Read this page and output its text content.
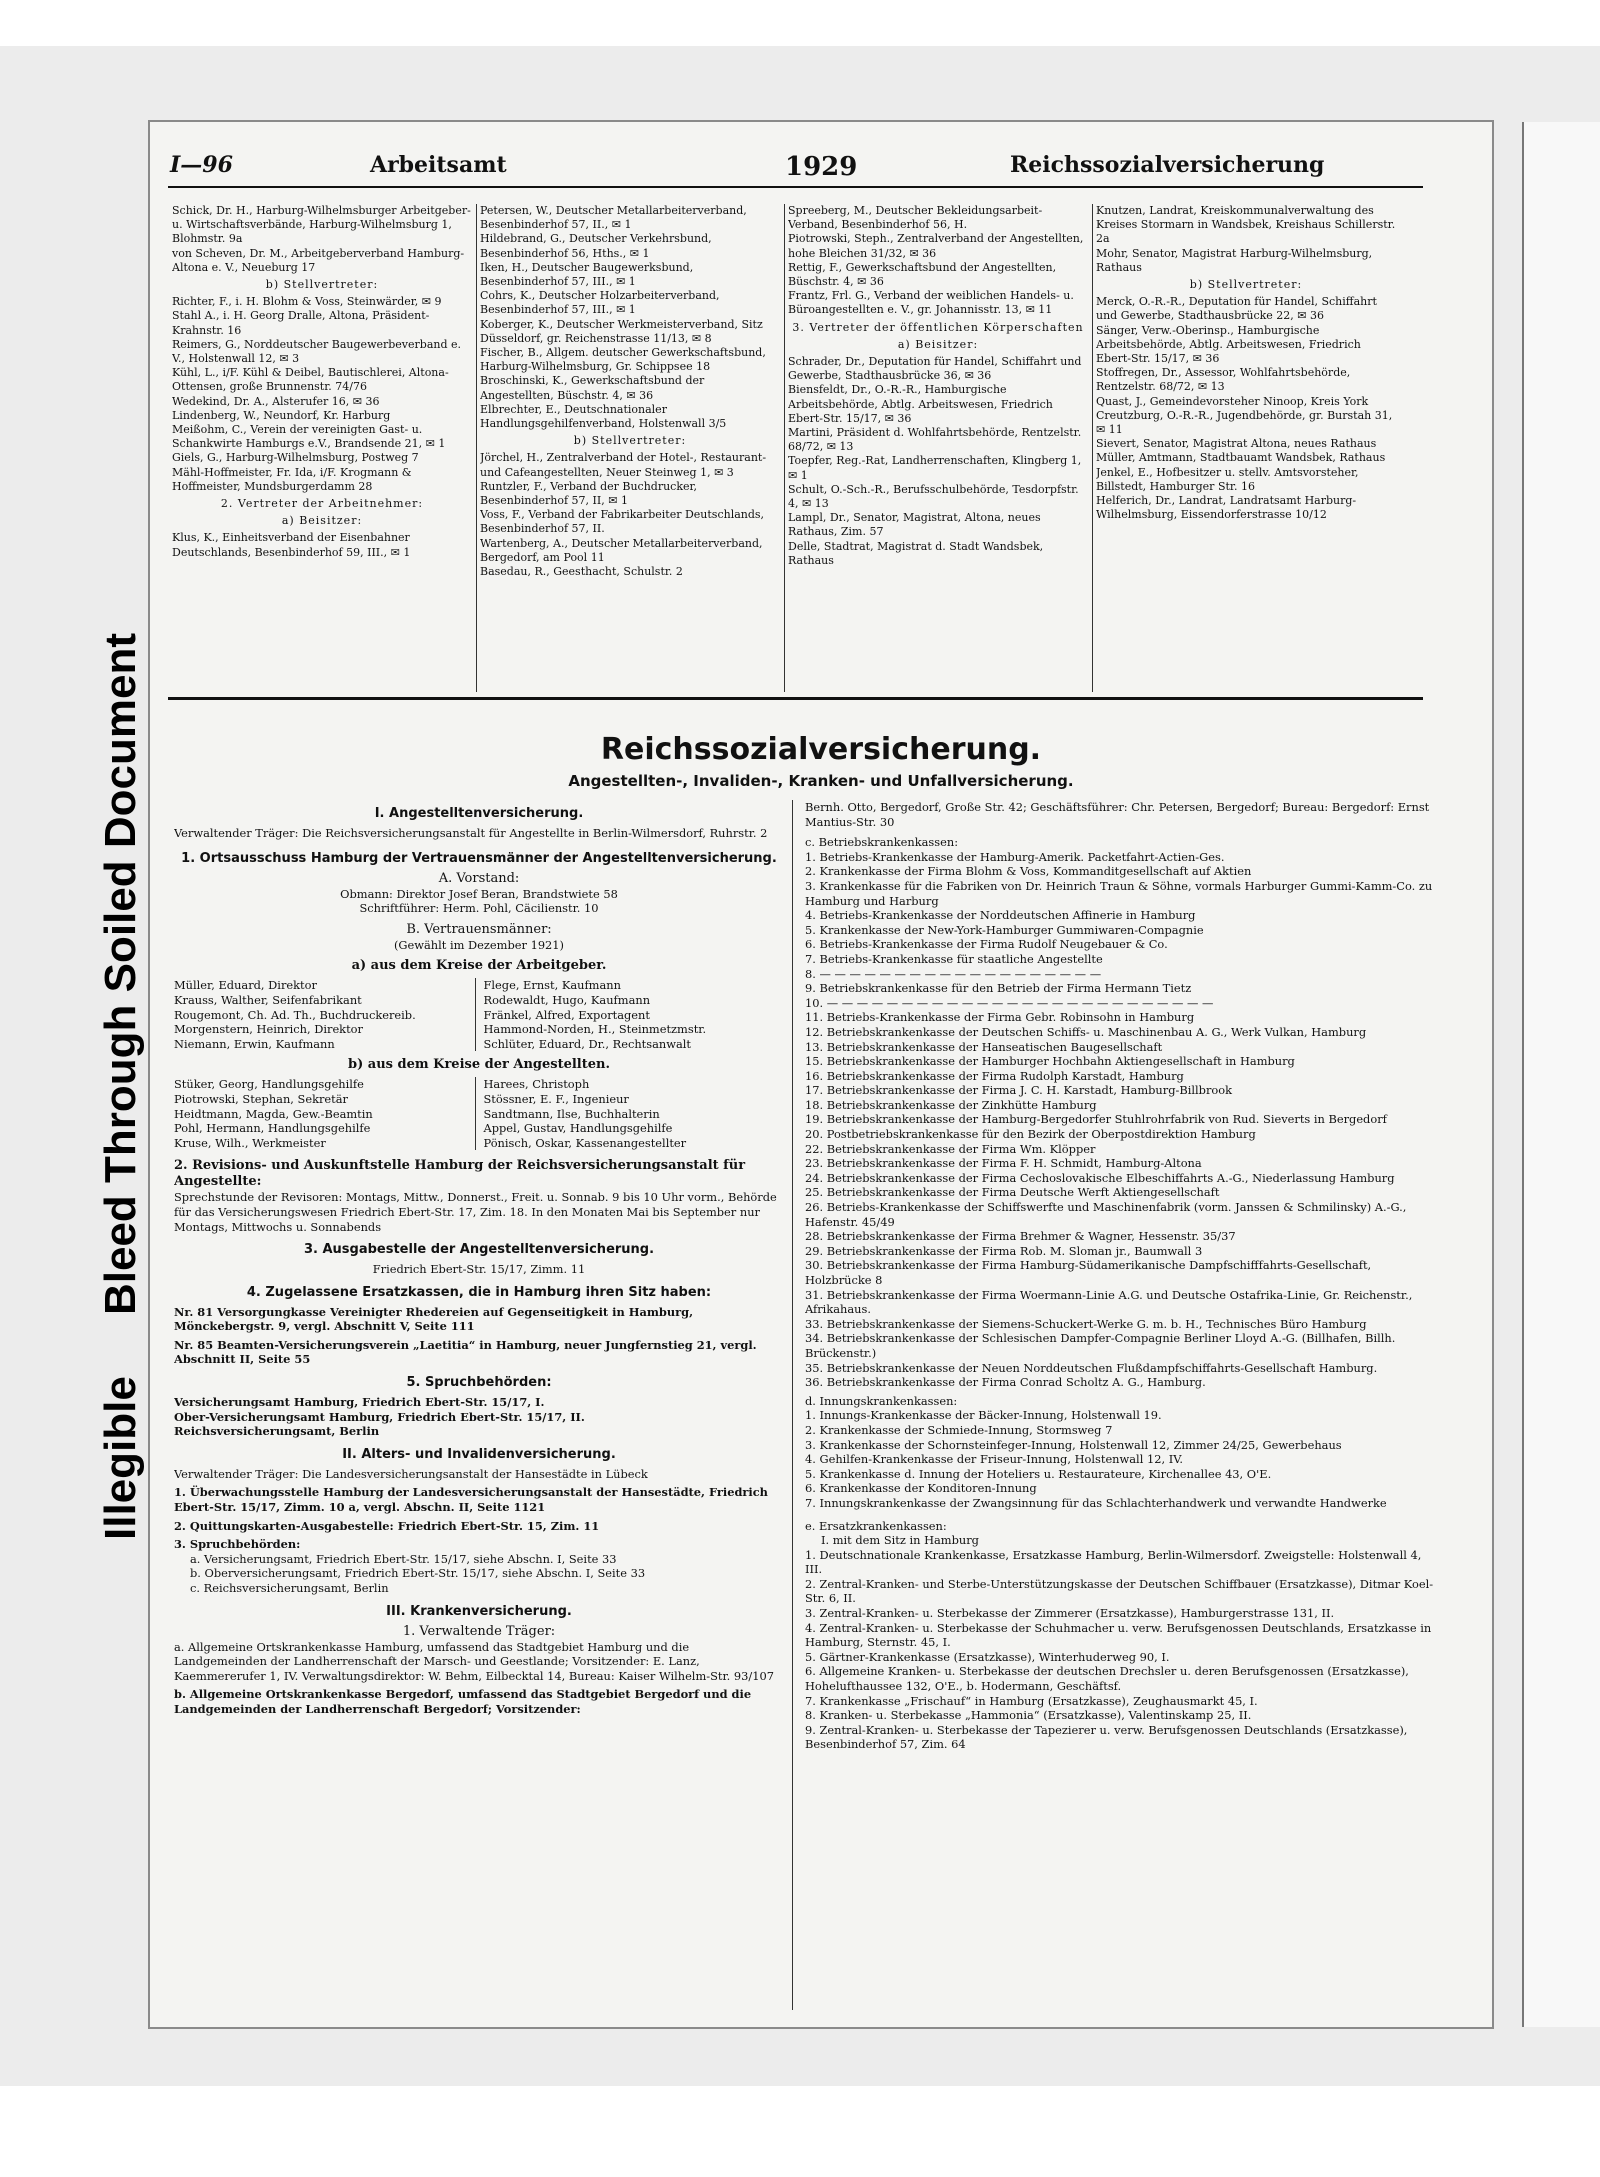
Illegible     Bleed Through Soiled Document
I—96	Arbeitsamt	1929	Reichssozialversicherung

Schick, Dr. H., Harburg-Wilhelmsburger Arbeitgeber- u. Wirtschaftsverbände, Harburg-Wilhelmsburg 1, Blohmstr. 9a

von Scheven, Dr. M., Arbeitgeberverband Hamburg-Altona e. V., Neueburg 17

b) Stellvertreter:

Richter, F., i. H. Blohm & Voss, Steinwärder, ✉ 9

Stahl A., i. H. Georg Dralle, Altona, Präsident-Krahnstr. 16

Reimers, G., Norddeutscher Baugewerbeverband e. V., Holstenwall 12, ✉ 3

Kühl, L., i/F. Kühl & Deibel, Bautischlerei, Altona-Ottensen, große Brunnenstr. 74/76

Wedekind, Dr. A., Alsterufer 16, ✉ 36

Lindenberg, W., Neundorf, Kr. Harburg

Meißohm, C., Verein der vereinigten Gast- u. Schankwirte Hamburgs e.V., Brandsende 21, ✉ 1

Giels, G., Harburg-Wilhelmsburg, Postweg 7

Mähl-Hoffmeister, Fr. Ida, i/F. Krogmann & Hoffmeister, Mundsburgerdamm 28

2. Vertreter der Arbeitnehmer:

a) Beisitzer:

Klus, K., Einheitsverband der Eisenbahner Deutschlands, Besenbinderhof 59, III., ✉ 1

Petersen, W., Deutscher Metallarbeiterverband, Besenbinderhof 57, II., ✉ 1

Hildebrand, G., Deutscher Verkehrsbund, Besenbinderhof 56, Hths., ✉ 1

Iken, H., Deutscher Baugewerksbund, Besenbinderhof 57, III., ✉ 1

Cohrs, K., Deutscher Holzarbeiterverband, Besenbinderhof 57, III., ✉ 1

Koberger, K., Deutscher Werkmeisterverband, Sitz Düsseldorf, gr. Reichenstrasse 11/13, ✉ 8

Fischer, B., Allgem. deutscher Gewerkschaftsbund, Harburg-Wilhelmsburg, Gr. Schippsee 18

Broschinski, K., Gewerkschaftsbund der Angestellten, Büschstr. 4, ✉ 36

Elbrechter, E., Deutschnationaler Handlungsgehilfenverband, Holstenwall 3/5

b) Stellvertreter:

Jörchel, H., Zentralverband der Hotel-, Restaurant- und Cafeangestellten, Neuer Steinweg 1, ✉ 3

Runtzler, F., Verband der Buchdrucker, Besenbinderhof 57, II, ✉ 1

Voss, F., Verband der Fabrikarbeiter Deutschlands, Besenbinderhof 57, II.

Wartenberg, A., Deutscher Metallarbeiterverband, Bergedorf, am Pool 11

Basedau, R., Geesthacht, Schulstr. 2

Spreeberg, M., Deutscher Bekleidungsarbeit-Verband, Besenbinderhof 56, H.

Piotrowski, Steph., Zentralverband der Angestellten, hohe Bleichen 31/32, ✉ 36

Rettig, F., Gewerkschaftsbund der Angestellten, Büschstr. 4, ✉ 36

Frantz, Frl. G., Verband der weiblichen Handels- u. Büroangestellten e. V., gr. Johannisstr. 13, ✉ 11

3. Vertreter der öffentlichen Körperschaften

a) Beisitzer:

Schrader, Dr., Deputation für Handel, Schiffahrt und Gewerbe, Stadthausbrücke 36, ✉ 36

Biensfeldt, Dr., O.-R.-R., Hamburgische Arbeitsbehörde, Abtlg. Arbeitswesen, Friedrich Ebert-Str. 15/17, ✉ 36

Martini, Präsident d. Wohlfahrtsbehörde, Rentzelstr. 68/72, ✉ 13

Toepfer, Reg.-Rat, Landherrenschaften, Klingberg 1, ✉ 1

Schult, O.-Sch.-R., Berufsschulbehörde, Tesdorpfstr. 4, ✉ 13

Lampl, Dr., Senator, Magistrat, Altona, neues Rathaus, Zim. 57

Delle, Stadtrat, Magistrat d. Stadt Wandsbek, Rathaus

Knutzen, Landrat, Kreiskommunalverwaltung des Kreises Stormarn in Wandsbek, Kreishaus Schillerstr. 2a

Mohr, Senator, Magistrat Harburg-Wilhelmsburg, Rathaus

b) Stellvertreter:

Merck, O.-R.-R., Deputation für Handel, Schiffahrt und Gewerbe, Stadthausbrücke 22, ✉ 36

Sänger, Verw.-Oberinsp., Hamburgische Arbeitsbehörde, Abtlg. Arbeitswesen, Friedrich Ebert-Str. 15/17, ✉ 36

Stoffregen, Dr., Assessor, Wohlfahrtsbehörde, Rentzelstr. 68/72, ✉ 13

Quast, J., Gemeindevorsteher Ninoop, Kreis York

Creutzburg, O.-R.-R., Jugendbehörde, gr. Burstah 31, ✉ 11

Sievert, Senator, Magistrat Altona, neues Rathaus

Müller, Amtmann, Stadtbauamt Wandsbek, Rathaus

Jenkel, E., Hofbesitzer u. stellv. Amtsvorsteher, Billstedt, Hamburger Str. 16

Helferich, Dr., Landrat, Landratsamt Harburg-Wilhelmsburg, Eissendorferstrasse 10/12

Reichssozialversicherung.
Angestellten-, Invaliden-, Kranken- und Unfallversicherung.

I. Angestelltenversicherung.

Verwaltender Träger: Die Reichsversicherungsanstalt für Angestellte in Berlin-Wilmersdorf, Ruhrstr. 2

1. Ortsausschuss Hamburg der Vertrauensmänner der Angestelltenversicherung.

A. Vorstand:

Obmann: Direktor Josef Beran, Brandstwiete 58

Schriftführer: Herm. Pohl, Cäcilienstr. 10

B. Vertrauensmänner:

(Gewählt im Dezember 1921)

a) aus dem Kreise der Arbeitgeber.

Müller, Eduard, Direktor

Krauss, Walther, Seifenfabrikant

Rougemont, Ch. Ad. Th., Buchdruckereib.

Morgenstern, Heinrich, Direktor

Niemann, Erwin, Kaufmann

Flege, Ernst, Kaufmann

Rodewaldt, Hugo, Kaufmann

Fränkel, Alfred, Exportagent

Hammond-Norden, H., Steinmetzmstr.

Schlüter, Eduard, Dr., Rechtsanwalt

b) aus dem Kreise der Angestellten.

Stüker, Georg, Handlungsgehilfe

Piotrowski, Stephan, Sekretär

Heidtmann, Magda, Gew.-Beamtin

Pohl, Hermann, Handlungsgehilfe

Kruse, Wilh., Werkmeister

Harees, Christoph

Stössner, E. F., Ingenieur

Sandtmann, Ilse, Buchhalterin

Appel, Gustav, Handlungsgehilfe

Pönisch, Oskar, Kassenangestellter

2. Revisions- und Auskunftstelle Hamburg der Reichsversicherungsanstalt für Angestellte:

Sprechstunde der Revisoren: Montags, Mittw., Donnerst., Freit. u. Sonnab. 9 bis 10 Uhr vorm., Behörde für das Versicherungswesen Friedrich Ebert-Str. 17, Zim. 18. In den Monaten Mai bis September nur Montags, Mittwochs u. Sonnabends

3. Ausgabestelle der Angestelltenversicherung.

Friedrich Ebert-Str. 15/17, Zimm. 11

4. Zugelassene Ersatzkassen, die in Hamburg ihren Sitz haben:

Nr. 81 Versorgungkasse Vereinigter Rhedereien auf Gegenseitigkeit in Hamburg, Mönckebergstr. 9, vergl. Abschnitt V, Seite 111

Nr. 85 Beamten-Versicherungsverein „Laetitia“ in Hamburg, neuer Jungfernstieg 21, vergl. Abschnitt II, Seite 55

5. Spruchbehörden:

Versicherungsamt Hamburg, Friedrich Ebert-Str. 15/17, I.

Ober-Versicherungsamt Hamburg, Friedrich Ebert-Str. 15/17, II.

Reichsversicherungsamt, Berlin

II. Alters- und Invalidenversicherung.

Verwaltender Träger: Die Landesversicherungsanstalt der Hansestädte in Lübeck

1. Überwachungsstelle Hamburg der Landesversicherungsanstalt der Hansestädte, Friedrich Ebert-Str. 15/17, Zimm. 10 a, vergl. Abschn. II, Seite 1121

2. Quittungskarten-Ausgabestelle: Friedrich Ebert-Str. 15, Zim. 11

3. Spruchbehörden:

a. Versicherungsamt, Friedrich Ebert-Str. 15/17, siehe Abschn. I, Seite 33

b. Oberversicherungsamt, Friedrich Ebert-Str. 15/17, siehe Abschn. I, Seite 33

c. Reichsversicherungsamt, Berlin

III. Krankenversicherung.

1. Verwaltende Träger:

a. Allgemeine Ortskrankenkasse Hamburg, umfassend das Stadtgebiet Hamburg und die Landgemeinden der Landherrenschaft der Marsch- und Geestlande; Vorsitzender: E. Lanz, Kaemmererufer 1, IV. Verwaltungsdirektor: W. Behm, Eilbecktal 14, Bureau: Kaiser Wilhelm-Str. 93/107

b. Allgemeine Ortskrankenkasse Bergedorf, umfassend das Stadtgebiet Bergedorf und die Landgemeinden der Landherrenschaft Bergedorf; Vorsitzender:

Bernh. Otto, Bergedorf, Große Str. 42; Geschäftsführer: Chr. Petersen, Bergedorf; Bureau: Bergedorf: Ernst Mantius-Str. 30

c. Betriebskrankenkassen:

1. Betriebs-Krankenkasse der Hamburg-Amerik. Packetfahrt-Actien-Ges.

2. Krankenkasse der Firma Blohm & Voss, Kommanditgesellschaft auf Aktien

3. Krankenkasse für die Fabriken von Dr. Heinrich Traun & Söhne, vormals Harburger Gummi-Kamm-Co. zu Hamburg und Harburg

4. Betriebs-Krankenkasse der Norddeutschen Affinerie in Hamburg

5. Krankenkasse der New-York-Hamburger Gummiwaren-Compagnie

6. Betriebs-Krankenkasse der Firma Rudolf Neugebauer & Co.

7. Betriebs-Krankenkasse für staatliche Angestellte

8. — — — — — — — — — — — — — — — — — — —

9. Betriebskrankenkasse für den Betrieb der Firma Hermann Tietz

10. — — — — — — — — — — — — — — — — — — — — — — — — — —

11. Betriebs-Krankenkasse der Firma Gebr. Robinsohn in Hamburg

12. Betriebskrankenkasse der Deutschen Schiffs- u. Maschinenbau A. G., Werk Vulkan, Hamburg

13. Betriebskrankenkasse der Hanseatischen Baugesellschaft

15. Betriebskrankenkasse der Hamburger Hochbahn Aktiengesellschaft in Hamburg

16. Betriebskrankenkasse der Firma Rudolph Karstadt, Hamburg

17. Betriebskrankenkasse der Firma J. C. H. Karstadt, Hamburg-Billbrook

18. Betriebskrankenkasse der Zinkhütte Hamburg

19. Betriebskrankenkasse der Hamburg-Bergedorfer Stuhlrohrfabrik von Rud. Sieverts in Bergedorf

20. Postbetriebskrankenkasse für den Bezirk der Oberpostdirektion Hamburg

22. Betriebskrankenkasse der Firma Wm. Klöpper

23. Betriebskrankenkasse der Firma F. H. Schmidt, Hamburg-Altona

24. Betriebskrankenkasse der Firma Cechoslovakische Elbeschiffahrts A.-G., Niederlassung Hamburg

25. Betriebskrankenkasse der Firma Deutsche Werft Aktiengesellschaft

26. Betriebs-Krankenkasse der Schiffswerfte und Maschinenfabrik (vorm. Janssen & Schmilinsky) A.-G., Hafenstr. 45/49

28. Betriebskrankenkasse der Firma Brehmer & Wagner, Hessenstr. 35/37

29. Betriebskrankenkasse der Firma Rob. M. Sloman jr., Baumwall 3

30. Betriebskrankenkasse der Firma Hamburg-Südamerikanische Dampfschifffahrts-Gesellschaft, Holzbrücke 8

31. Betriebskrankenkasse der Firma Woermann-Linie A.G. und Deutsche Ostafrika-Linie, Gr. Reichenstr., Afrikahaus.

33. Betriebskrankenkasse der Siemens-Schuckert-Werke G. m. b. H., Technisches Büro Hamburg

34. Betriebskrankenkasse der Schlesischen Dampfer-Compagnie Berliner Lloyd A.-G. (Billhafen, Billh. Brückenstr.)

35. Betriebskrankenkasse der Neuen Norddeutschen Flußdampfschiffahrts-Gesellschaft Hamburg.

36. Betriebskrankenkasse der Firma Conrad Scholtz A. G., Hamburg.

d. Innungskrankenkassen:

1. Innungs-Krankenkasse der Bäcker-Innung, Holstenwall 19.

2. Krankenkasse der Schmiede-Innung, Stormsweg 7

3. Krankenkasse der Schornsteinfeger-Innung, Holstenwall 12, Zimmer 24/25, Gewerbehaus

4. Gehilfen-Krankenkasse der Friseur-Innung, Holstenwall 12, IV.

5. Krankenkasse d. Innung der Hoteliers u. Restaurateure, Kirchenallee 43, O'E.

6. Krankenkasse der Konditoren-Innung

7. Innungskrankenkasse der Zwangsinnung für das Schlachterhandwerk und verwandte Handwerke

e. Ersatzkrankenkassen:

I. mit dem Sitz in Hamburg

1. Deutschnationale Krankenkasse, Ersatzkasse Hamburg, Berlin-Wilmersdorf. Zweigstelle: Holstenwall 4, III.

2. Zentral-Kranken- und Sterbe-Unterstützungskasse der Deutschen Schiffbauer (Ersatzkasse), Ditmar Koel-Str. 6, II.

3. Zentral-Kranken- u. Sterbekasse der Zimmerer (Ersatzkasse), Hamburgerstrasse 131, II.

4. Zentral-Kranken- u. Sterbekasse der Schuhmacher u. verw. Berufsgenossen Deutschlands, Ersatzkasse in Hamburg, Sternstr. 45, I.

5. Gärtner-Krankenkasse (Ersatzkasse), Winterhuderweg 90, I.

6. Allgemeine Kranken- u. Sterbekasse der deutschen Drechsler u. deren Berufsgenossen (Ersatzkasse), Hohelufthaussee 132, O'E., b. Hodermann, Geschäftsf.

7. Krankenkasse „Frischauf“ in Hamburg (Ersatzkasse), Zeughausmarkt 45, I.

8. Kranken- u. Sterbekasse „Hammonia“ (Ersatzkasse), Valentinskamp 25, II.

9. Zentral-Kranken- u. Sterbekasse der Tapezierer u. verw. Berufsgenossen Deutschlands (Ersatzkasse), Besenbinderhof 57, Zim. 64
